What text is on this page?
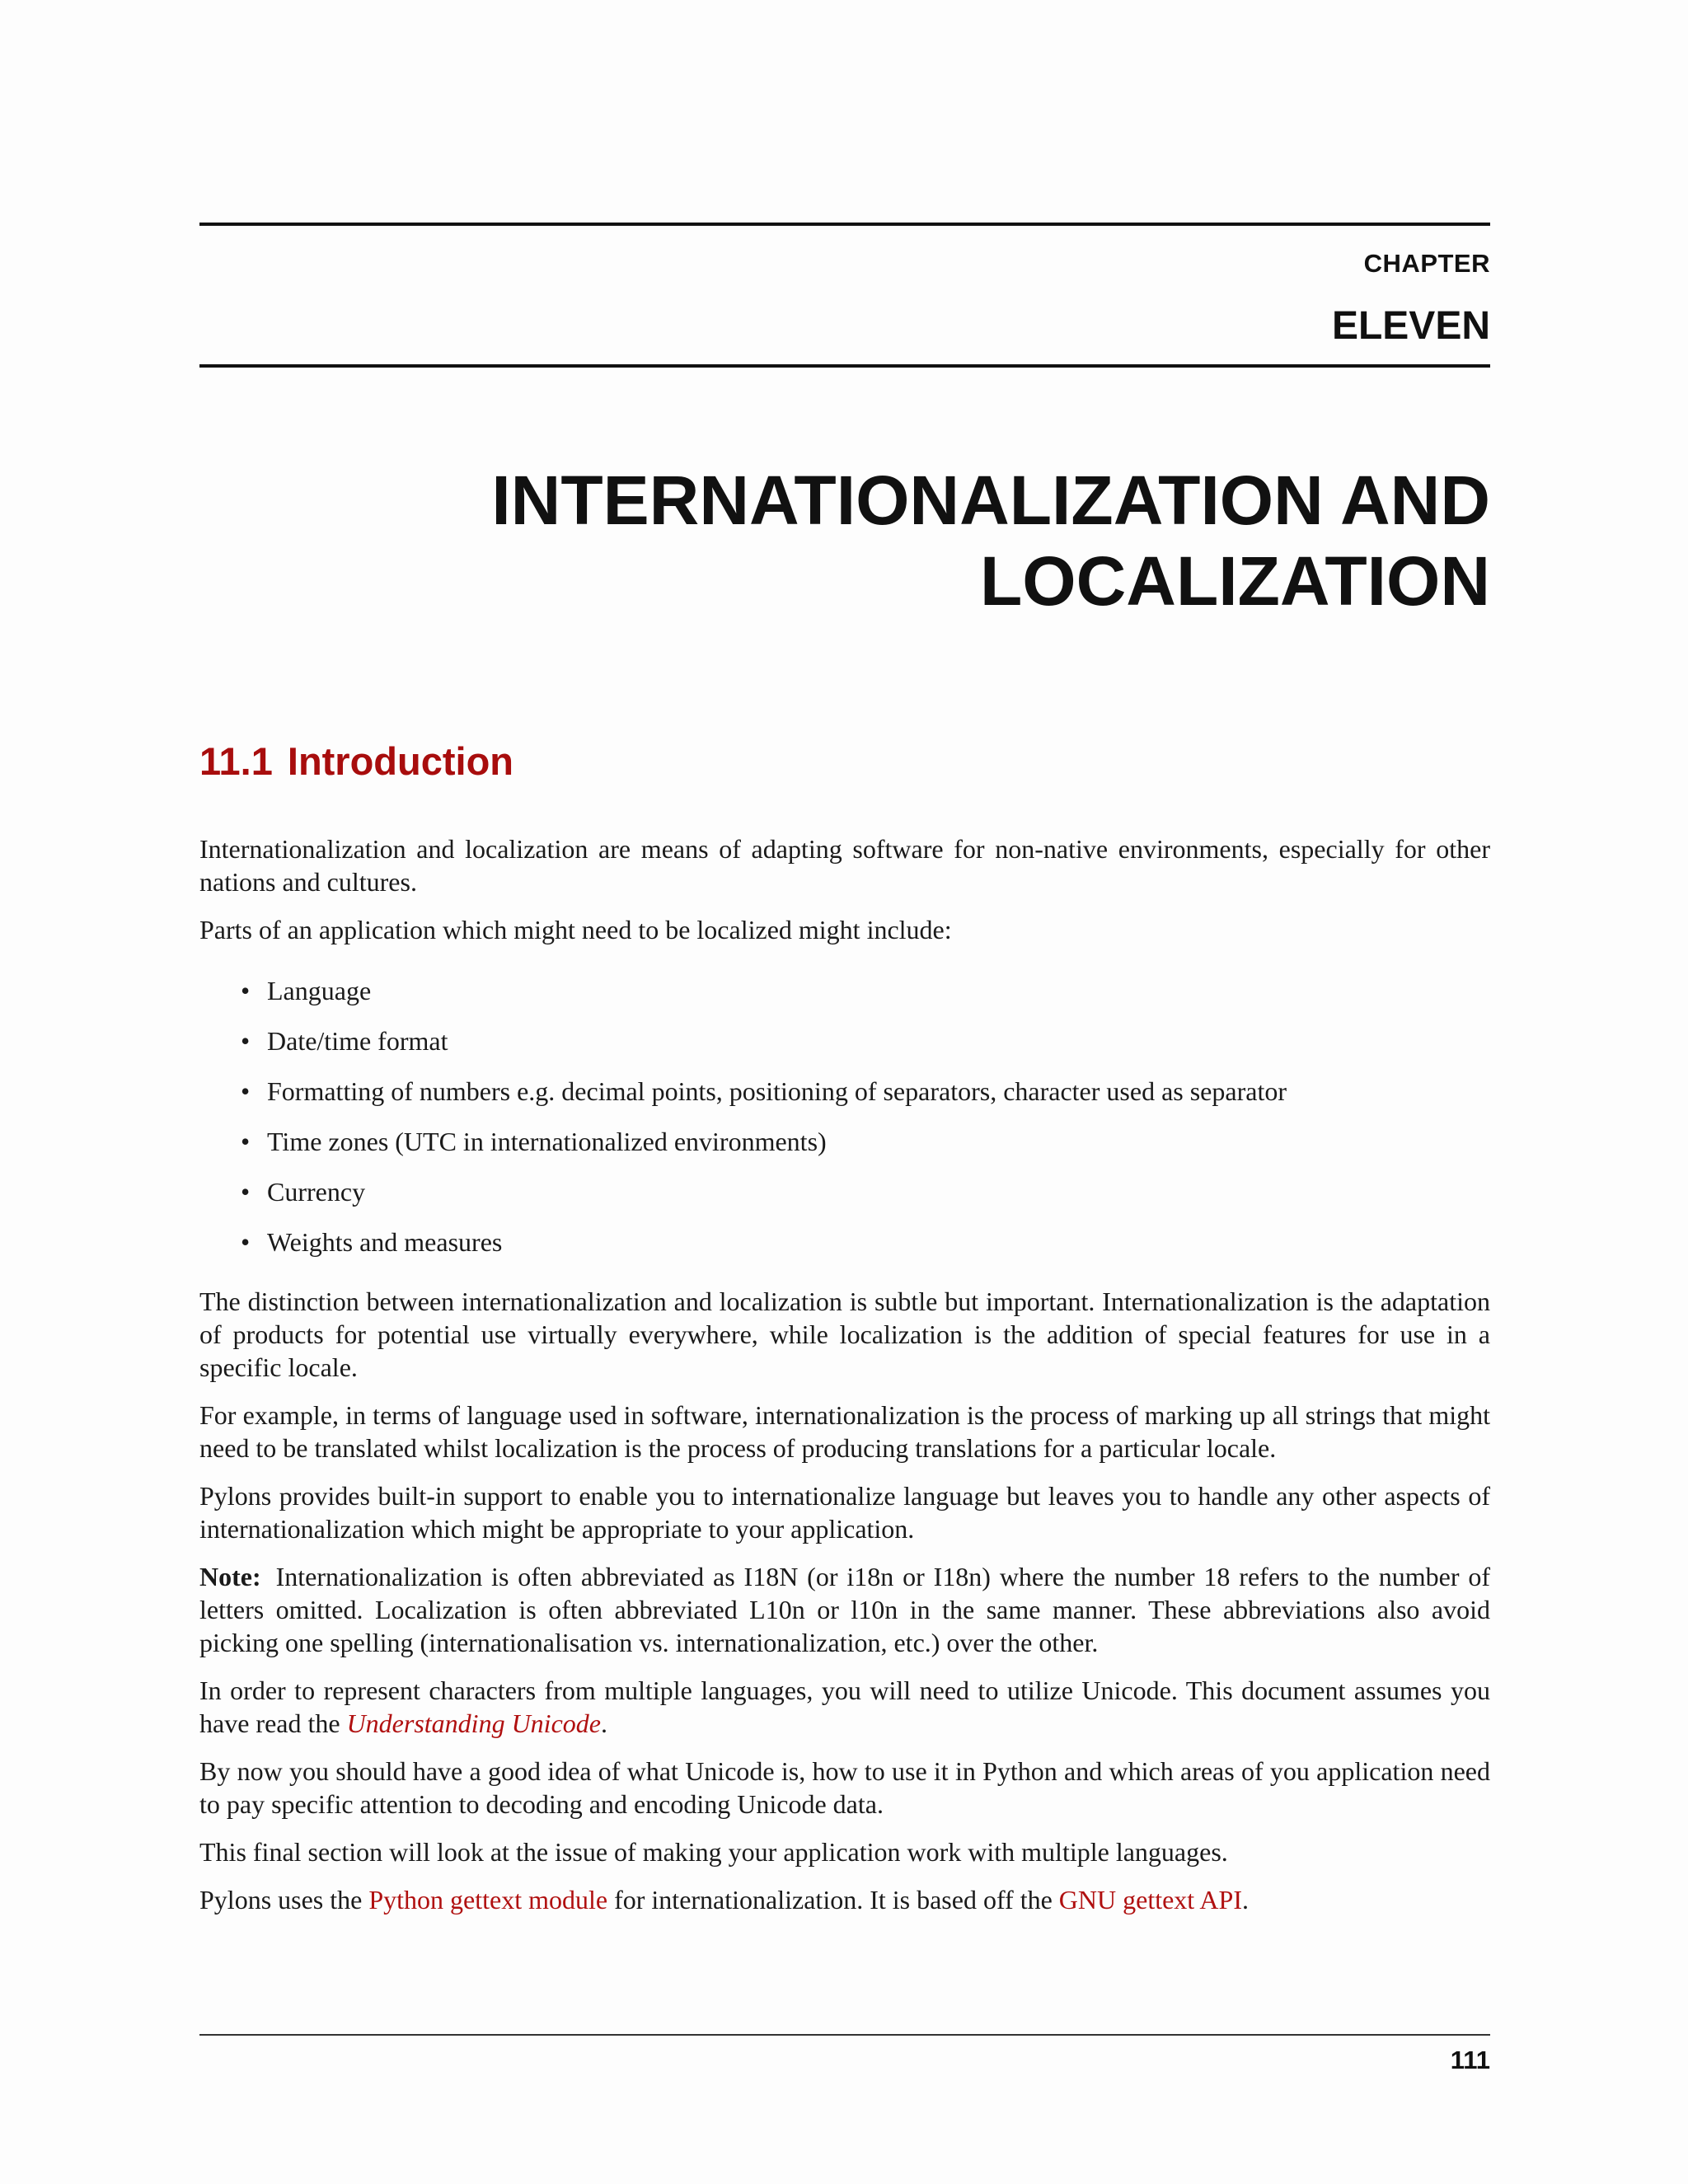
CHAPTER
ELEVEN
INTERNATIONALIZATION AND
LOCALIZATION
11.1 Introduction

Internationalization and localization are means of adapting software for non-native environments, especially for other nations and cultures.

Parts of an application which might need to be localized might include:

• Language
• Date/time format
• Formatting of numbers e.g. decimal points, positioning of separators, character used as separator
• Time zones (UTC in internationalized environments)
• Currency
• Weights and measures

The distinction between internationalization and localization is subtle but important. Internationalization is the adaptation of products for potential use virtually everywhere, while localization is the addition of special features for use in a specific locale.

For example, in terms of language used in software, internationalization is the process of marking up all strings that might need to be translated whilst localization is the process of producing translations for a particular locale.

Pylons provides built-in support to enable you to internationalize language but leaves you to handle any other aspects of internationalization which might be appropriate to your application.

Note: Internationalization is often abbreviated as I18N (or i18n or I18n) where the number 18 refers to the number of letters omitted. Localization is often abbreviated L10n or l10n in the same manner. These abbreviations also avoid picking one spelling (internationalisation vs. internationalization, etc.) over the other.

In order to represent characters from multiple languages, you will need to utilize Unicode. This document assumes you have read the Understanding Unicode.

By now you should have a good idea of what Unicode is, how to use it in Python and which areas of you application need to pay specific attention to decoding and encoding Unicode data.

This final section will look at the issue of making your application work with multiple languages.

Pylons uses the Python gettext module for internationalization. It is based off the GNU gettext API.

111
